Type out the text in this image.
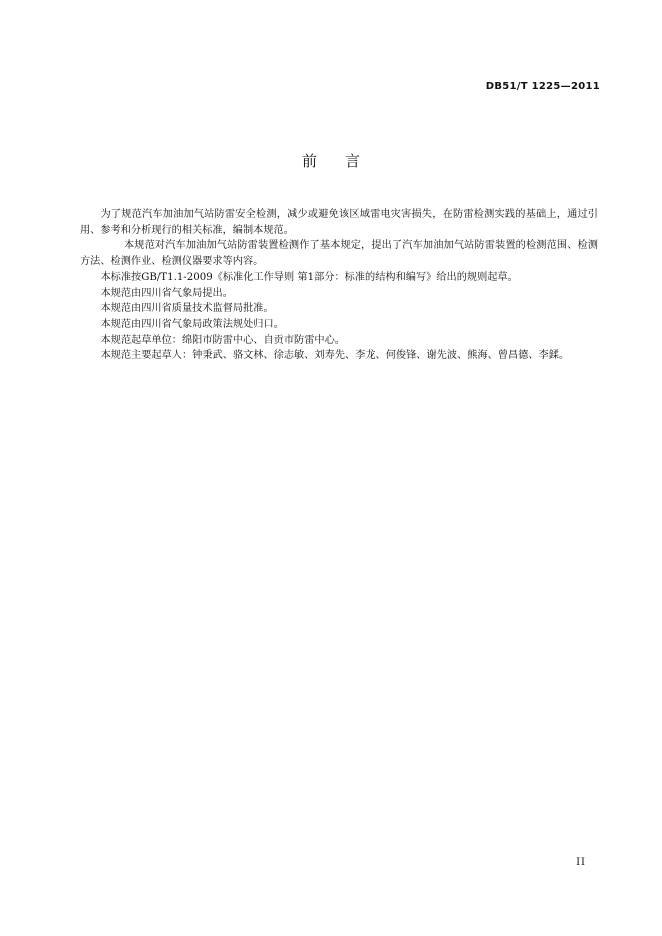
DB51/T 1225—2011
前言

为了规范汽车加油加气站防雷安全检测，减少或避免该区域雷电灾害损失，在防雷检测实践的基础上，通过引用、参考和分析现行的相关标准，编制本规范。

本规范对汽车加油加气站防雷装置检测作了基本规定，提出了汽车加油加气站防雷装置的检测范围、检测方法、检测作业、检测仪器要求等内容。

本标准按GB/T1.1-2009《标准化工作导则 第1部分：标准的结构和编写》给出的规则起草。

本规范由四川省气象局提出。

本规范由四川省质量技术监督局批准。

本规范由四川省气象局政策法规处归口。

本规范起草单位：绵阳市防雷中心、自贡市防雷中心。

本规范主要起草人：钟秉武、骆文林、徐志敏、刘寿先、李龙、何俊锋、谢先波、熊海、曾昌德、李鍒。

II
